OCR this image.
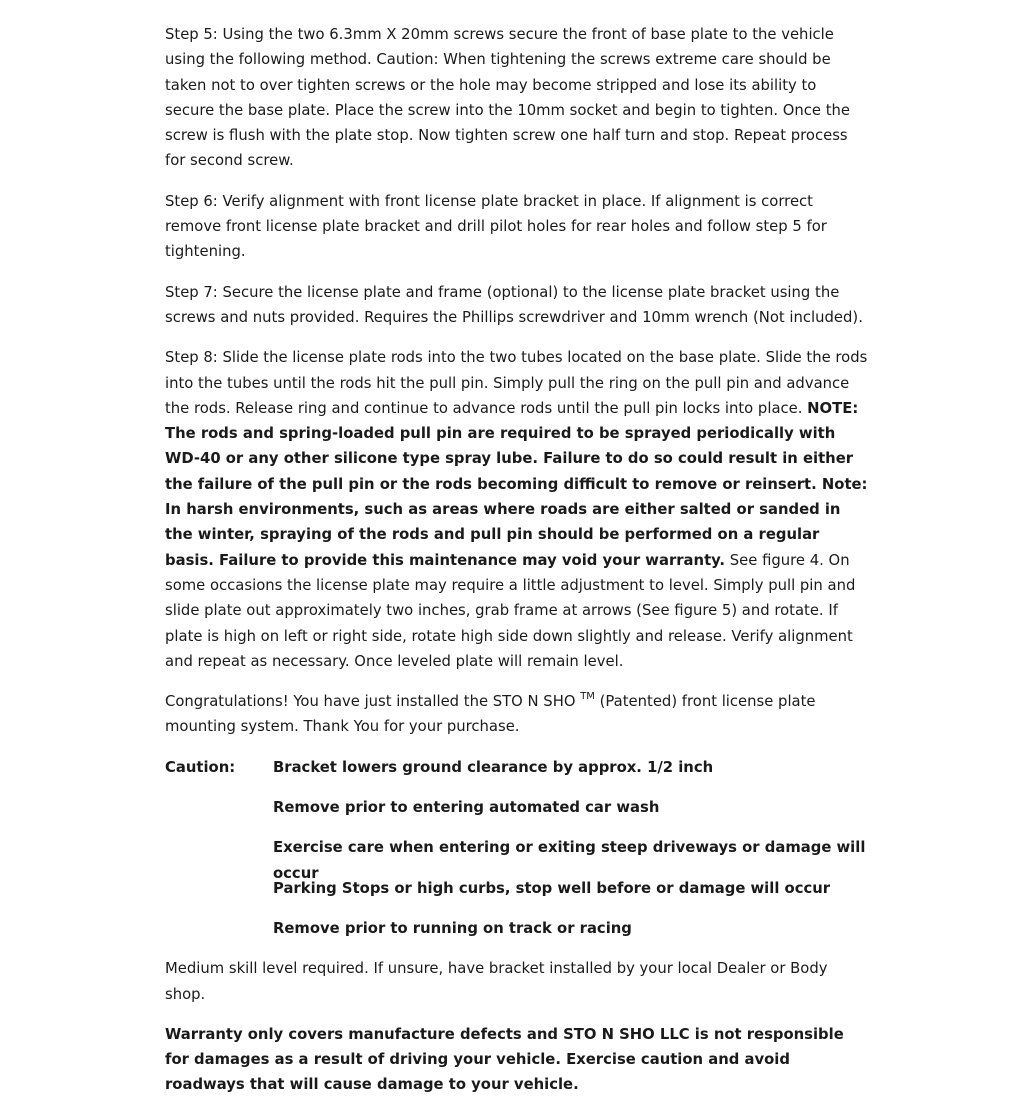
Step 5: Using the two 6.3mm X 20mm screws secure the front of base plate to the vehicle using the following method. Caution: When tightening the screws extreme care should be taken not to over tighten screws or the hole may become stripped and lose its ability to secure the base plate. Place the screw into the 10mm socket and begin to tighten. Once the screw is flush with the plate stop. Now tighten screw one half turn and stop. Repeat process for second screw.

Step 6: Verify alignment with front license plate bracket in place. If alignment is correct remove front license plate bracket and drill pilot holes for rear holes and follow step 5 for tightening.

Step 7: Secure the license plate and frame (optional) to the license plate bracket using the screws and nuts provided. Requires the Phillips screwdriver and 10mm wrench (Not included).

Step 8: Slide the license plate rods into the two tubes located on the base plate. Slide the rods into the tubes until the rods hit the pull pin. Simply pull the ring on the pull pin and advance the rods. Release ring and continue to advance rods until the pull pin locks into place. NOTE: The rods and spring-loaded pull pin are required to be sprayed periodically with WD-40 or any other silicone type spray lube. Failure to do so could result in either the failure of the pull pin or the rods becoming difficult to remove or reinsert. Note: In harsh environments, such as areas where roads are either salted or sanded in the winter, spraying of the rods and pull pin should be performed on a regular basis. Failure to provide this maintenance may void your warranty. See figure 4. On some occasions the license plate may require a little adjustment to level. Simply pull pin and slide plate out approximately two inches, grab frame at arrows (See figure 5) and rotate. If plate is high on left or right side, rotate high side down slightly and release. Verify alignment and repeat as necessary. Once leveled plate will remain level.

Congratulations! You have just installed the STO N SHO ™ (Patented) front license plate mounting system. Thank You for your purchase.

Caution:	Bracket lowers ground clearance by approx. 1/2 inch
Remove prior to entering automated car wash
Exercise care when entering or exiting steep driveways or damage will occur
Parking Stops or high curbs, stop well before or damage will occur
Remove prior to running on track or racing

Medium skill level required. If unsure, have bracket installed by your local Dealer or Body shop.

Warranty only covers manufacture defects and STO N SHO LLC is not responsible for damages as a result of driving your vehicle. Exercise caution and avoid roadways that will cause damage to your vehicle.
